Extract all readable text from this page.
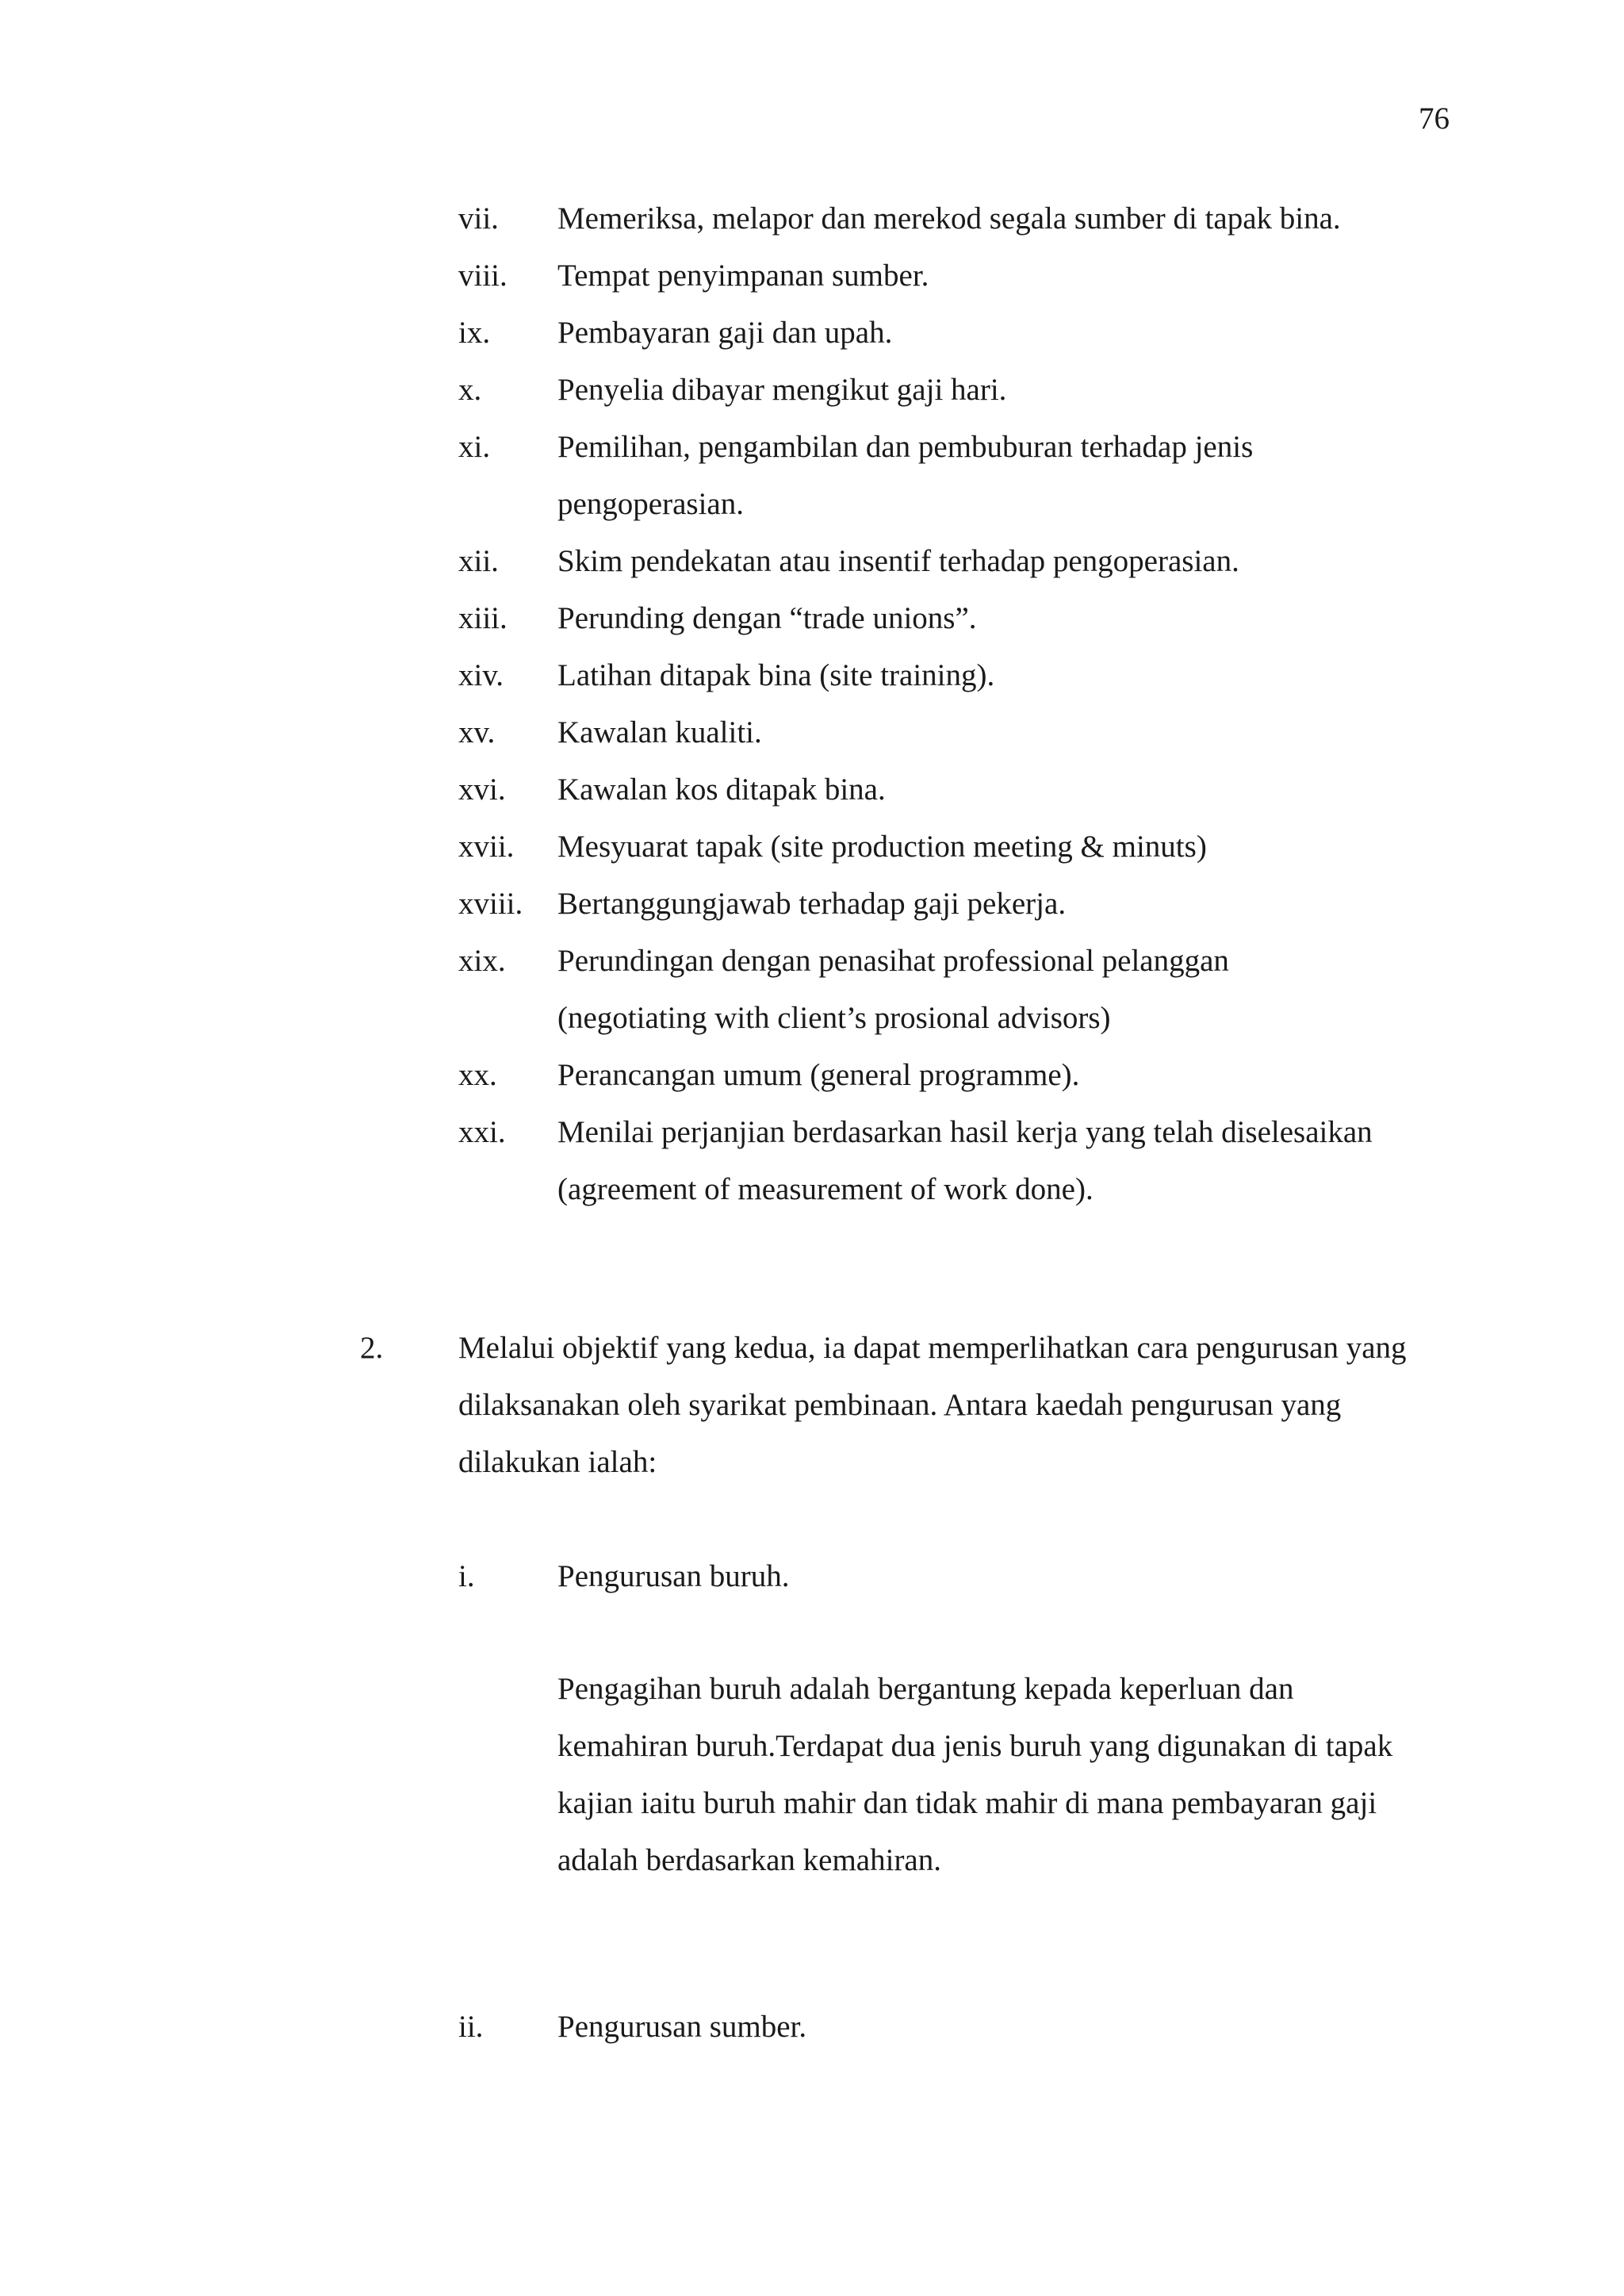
76
vii. Memeriksa, melapor dan merekod segala sumber di tapak bina.
viii. Tempat penyimpanan sumber.
ix. Pembayaran gaji dan upah.
x. Penyelia dibayar mengikut gaji hari.
xi. Pemilihan, pengambilan dan pembuburan terhadap jenis pengoperasian.
xii. Skim pendekatan atau insentif terhadap pengoperasian.
xiii. Perunding dengan “trade unions”.
xiv. Latihan ditapak bina (site training).
xv. Kawalan kualiti.
xvi. Kawalan kos ditapak bina.
xvii. Mesyuarat tapak (site production meeting & minuts)
xviii. Bertanggungjawab terhadap gaji pekerja.
xix. Perundingan dengan penasihat professional pelanggan (negotiating with client’s prosional advisors)
xx. Perancangan umum (general programme).
xxi. Menilai perjanjian berdasarkan hasil kerja yang telah diselesaikan (agreement of measurement of work done).
2. Melalui objektif yang kedua, ia dapat memperlihatkan cara pengurusan yang dilaksanakan oleh syarikat pembinaan. Antara kaedah pengurusan yang dilakukan ialah:
i.	Pengurusan buruh.
Pengagihan buruh adalah bergantung kepada keperluan dan kemahiran buruh.Terdapat dua jenis buruh yang digunakan di tapak kajian iaitu buruh mahir dan tidak mahir di mana pembayaran gaji adalah berdasarkan kemahiran.
ii. Pengurusan sumber.
